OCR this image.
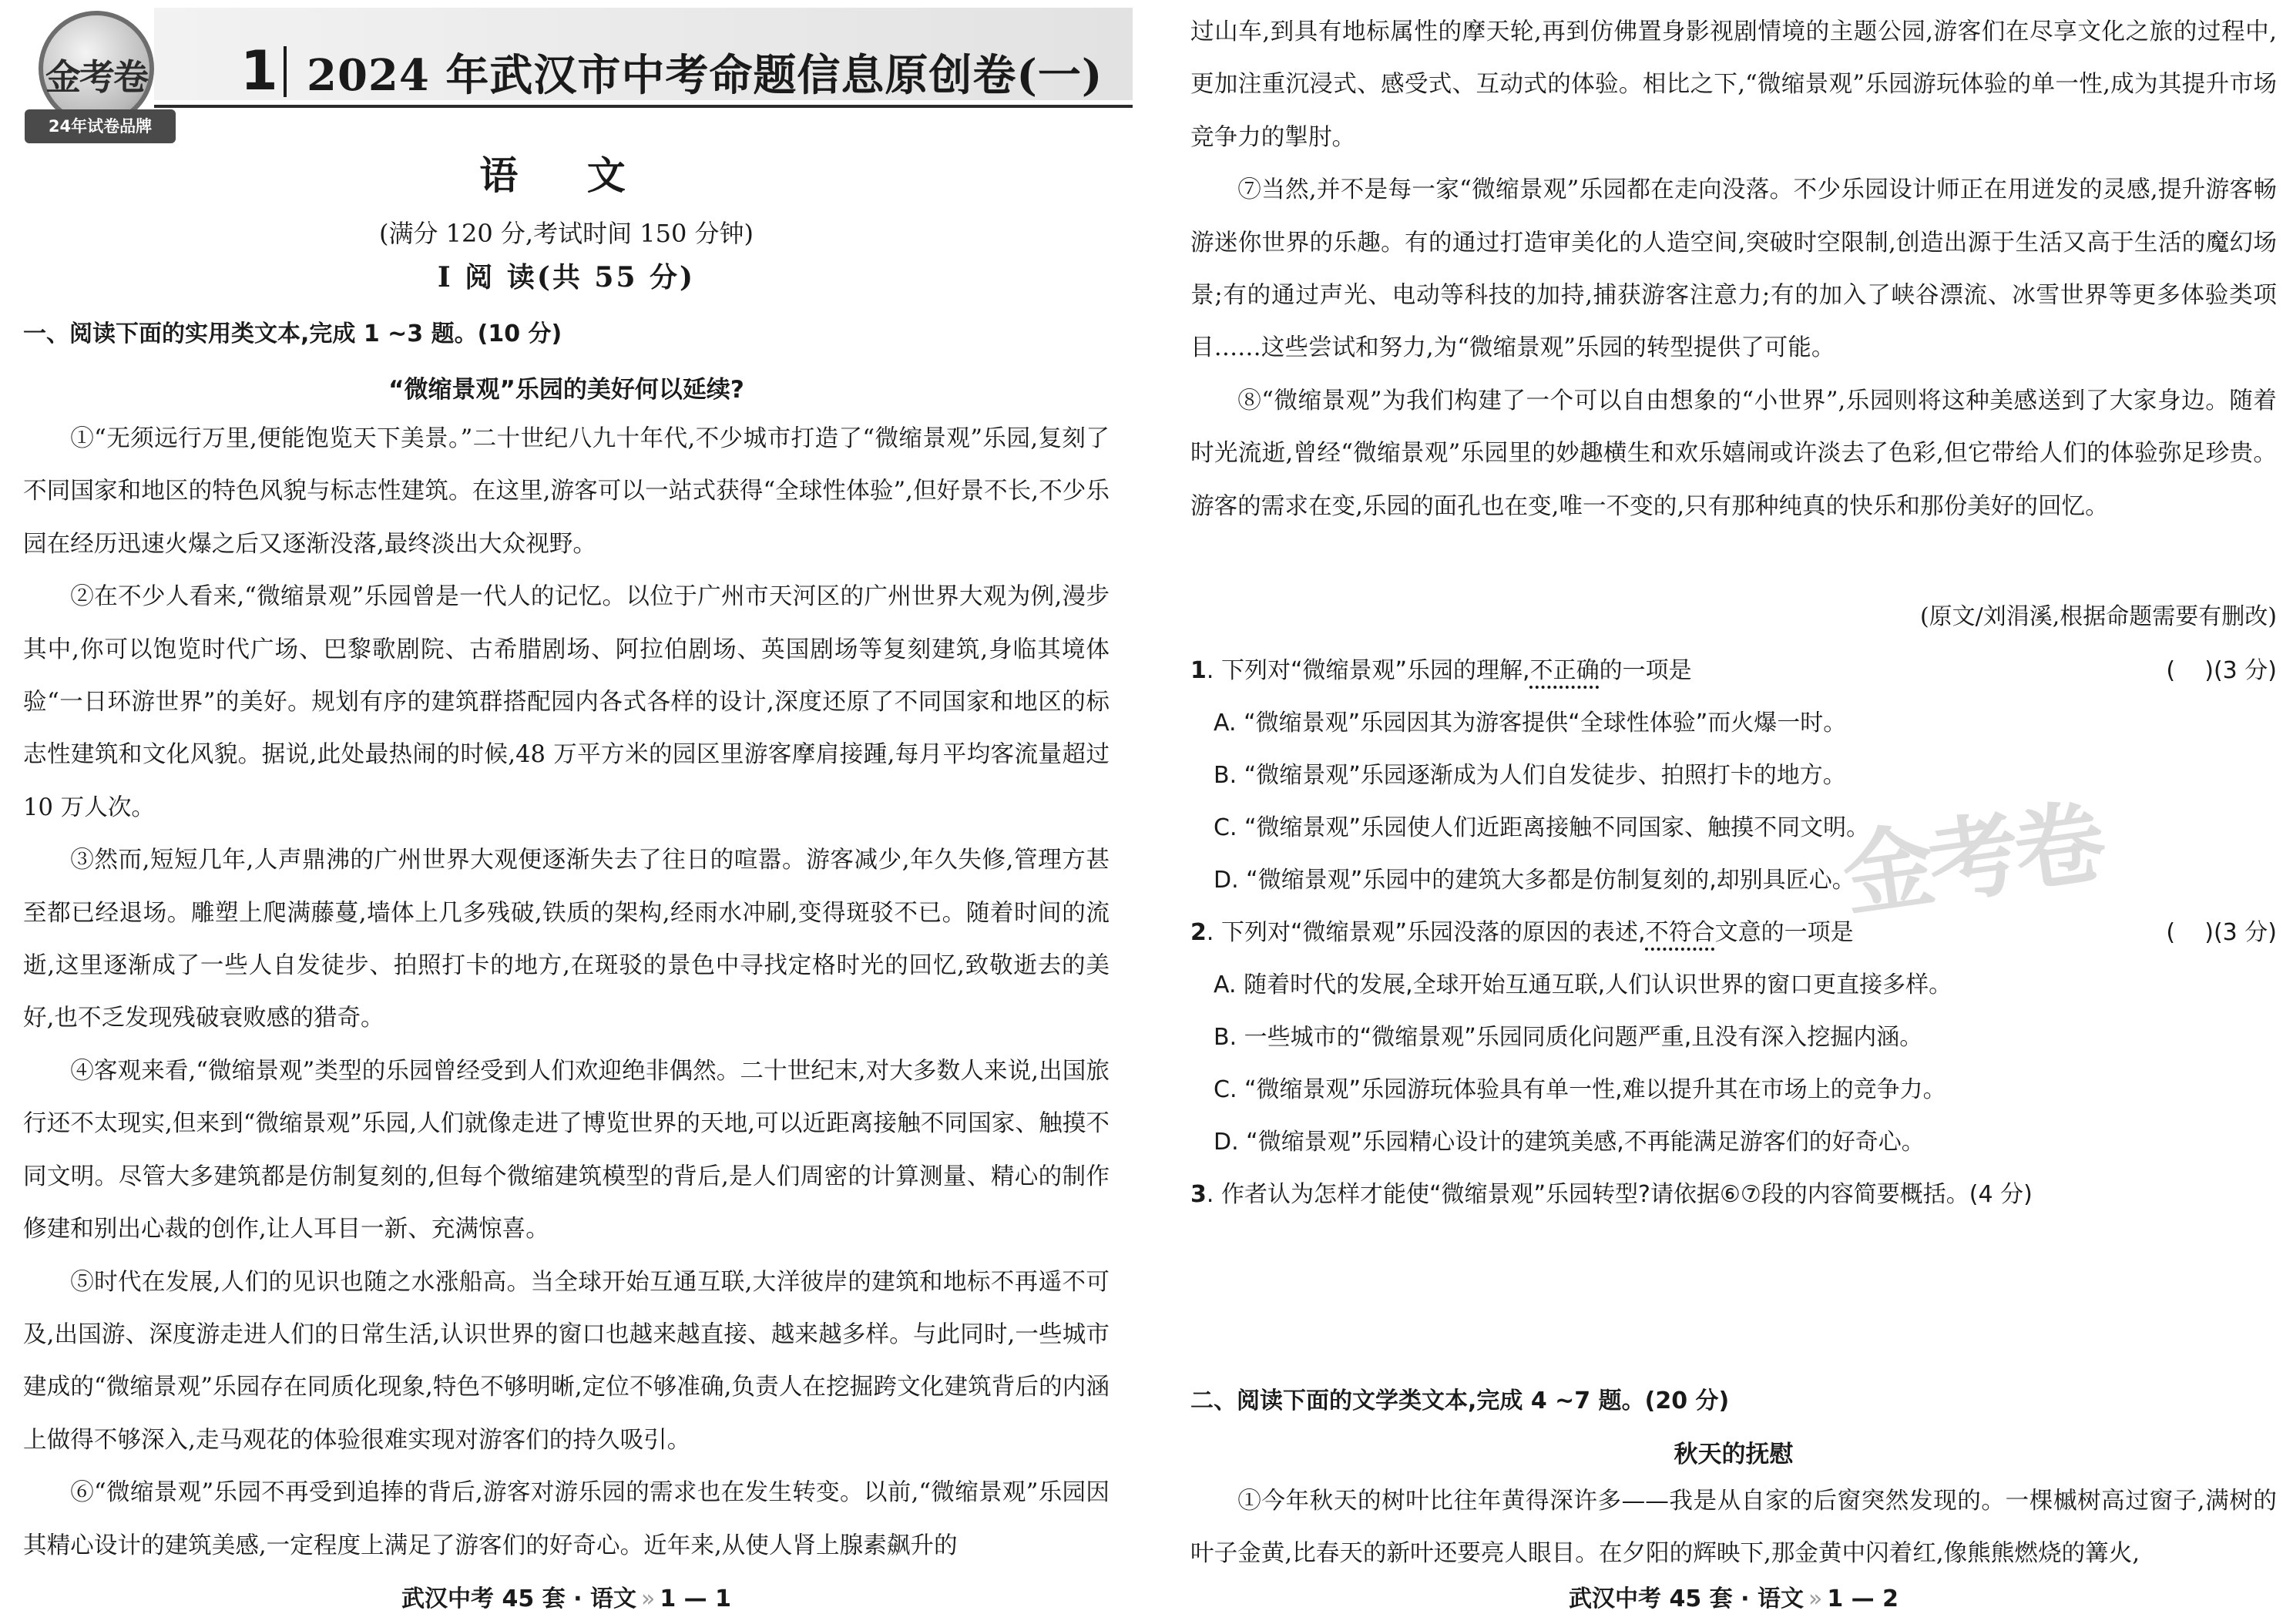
金考卷
24年试卷品牌
1 2024 年武汉市中考命题信息原创卷(一)
语 文
(满分 120 分,考试时间 150 分钟)
Ⅰ 阅 读(共 55 分)
一、阅读下面的实用类文本,完成 1 ~3 题。(10 分)
“微缩景观”乐园的美好何以延续?

①“无须远行万里,便能饱览天下美景。”二十世纪八九十年代,不少城市打造了“微缩景观”乐园,复刻了不同国家和地区的特色风貌与标志性建筑。在这里,游客可以一站式获得“全球性体验”,但好景不长,不少乐园在经历迅速火爆之后又逐渐没落,最终淡出大众视野。

②在不少人看来,“微缩景观”乐园曾是一代人的记忆。以位于广州市天河区的广州世界大观为例,漫步其中,你可以饱览时代广场、巴黎歌剧院、古希腊剧场、阿拉伯剧场、英国剧场等复刻建筑,身临其境体验“一日环游世界”的美好。规划有序的建筑群搭配园内各式各样的设计,深度还原了不同国家和地区的标志性建筑和文化风貌。据说,此处最热闹的时候,48 万平方米的园区里游客摩肩接踵,每月平均客流量超过 10 万人次。

③然而,短短几年,人声鼎沸的广州世界大观便逐渐失去了往日的喧嚣。游客减少,年久失修,管理方甚至都已经退场。雕塑上爬满藤蔓,墙体上几多残破,铁质的架构,经雨水冲刷,变得斑驳不已。随着时间的流逝,这里逐渐成了一些人自发徒步、拍照打卡的地方,在斑驳的景色中寻找定格时光的回忆,致敬逝去的美好,也不乏发现残破衰败感的猎奇。

④客观来看,“微缩景观”类型的乐园曾经受到人们欢迎绝非偶然。二十世纪末,对大多数人来说,出国旅行还不太现实,但来到“微缩景观”乐园,人们就像走进了博览世界的天地,可以近距离接触不同国家、触摸不同文明。尽管大多建筑都是仿制复刻的,但每个微缩建筑模型的背后,是人们周密的计算测量、精心的制作修建和别出心裁的创作,让人耳目一新、充满惊喜。

⑤时代在发展,人们的见识也随之水涨船高。当全球开始互通互联,大洋彼岸的建筑和地标不再遥不可及,出国游、深度游走进人们的日常生活,认识世界的窗口也越来越直接、越来越多样。与此同时,一些城市建成的“微缩景观”乐园存在同质化现象,特色不够明晰,定位不够准确,负责人在挖掘跨文化建筑背后的内涵上做得不够深入,走马观花的体验很难实现对游客们的持久吸引。

⑥“微缩景观”乐园不再受到追捧的背后,游客对游乐园的需求也在发生转变。以前,“微缩景观”乐园因其精心设计的建筑美感,一定程度上满足了游客们的好奇心。近年来,从使人肾上腺素飙升的

武汉中考 45 套 · 语文 » 1 — 1

过山车,到具有地标属性的摩天轮,再到仿佛置身影视剧情境的主题公园,游客们在尽享文化之旅的过程中,更加注重沉浸式、感受式、互动式的体验。相比之下,“微缩景观”乐园游玩体验的单一性,成为其提升市场竞争力的掣肘。

⑦当然,并不是每一家“微缩景观”乐园都在走向没落。不少乐园设计师正在用迸发的灵感,提升游客畅游迷你世界的乐趣。有的通过打造审美化的人造空间,突破时空限制,创造出源于生活又高于生活的魔幻场景;有的通过声光、电动等科技的加持,捕获游客注意力;有的加入了峡谷漂流、冰雪世界等更多体验类项目……这些尝试和努力,为“微缩景观”乐园的转型提供了可能。

⑧“微缩景观”为我们构建了一个可以自由想象的“小世界”,乐园则将这种美感送到了大家身边。随着时光流逝,曾经“微缩景观”乐园里的妙趣横生和欢乐嬉闹或许淡去了色彩,但它带给人们的体验弥足珍贵。游客的需求在变,乐园的面孔也在变,唯一不变的,只有那种纯真的快乐和那份美好的回忆。

(原文/刘涓溪,根据命题需要有删改)
1. 下列对“微缩景观”乐园的理解,不正确的一项是	(    )(3 分)
A. “微缩景观”乐园因其为游客提供“全球性体验”而火爆一时。
B. “微缩景观”乐园逐渐成为人们自发徒步、拍照打卡的地方。
C. “微缩景观”乐园使人们近距离接触不同国家、触摸不同文明。
D. “微缩景观”乐园中的建筑大多都是仿制复刻的,却别具匠心。
2. 下列对“微缩景观”乐园没落的原因的表述,不符合文意的一项是	(    )(3 分)
A. 随着时代的发展,全球开始互通互联,人们认识世界的窗口更直接多样。
B. 一些城市的“微缩景观”乐园同质化问题严重,且没有深入挖掘内涵。
C. “微缩景观”乐园游玩体验具有单一性,难以提升其在市场上的竞争力。
D. “微缩景观”乐园精心设计的建筑美感,不再能满足游客们的好奇心。
3. 作者认为怎样才能使“微缩景观”乐园转型?请依据⑥⑦段的内容简要概括。(4 分)
二、阅读下面的文学类文本,完成 4 ~7 题。(20 分)
秋天的抚慰

①今年秋天的树叶比往年黄得深许多——我是从自家的后窗突然发现的。一棵槭树高过窗子,满树的叶子金黄,比春天的新叶还要亮人眼目。在夕阳的辉映下,那金黄中闪着红,像熊熊燃烧的篝火,

武汉中考 45 套 · 语文 » 1 — 2
金考卷
